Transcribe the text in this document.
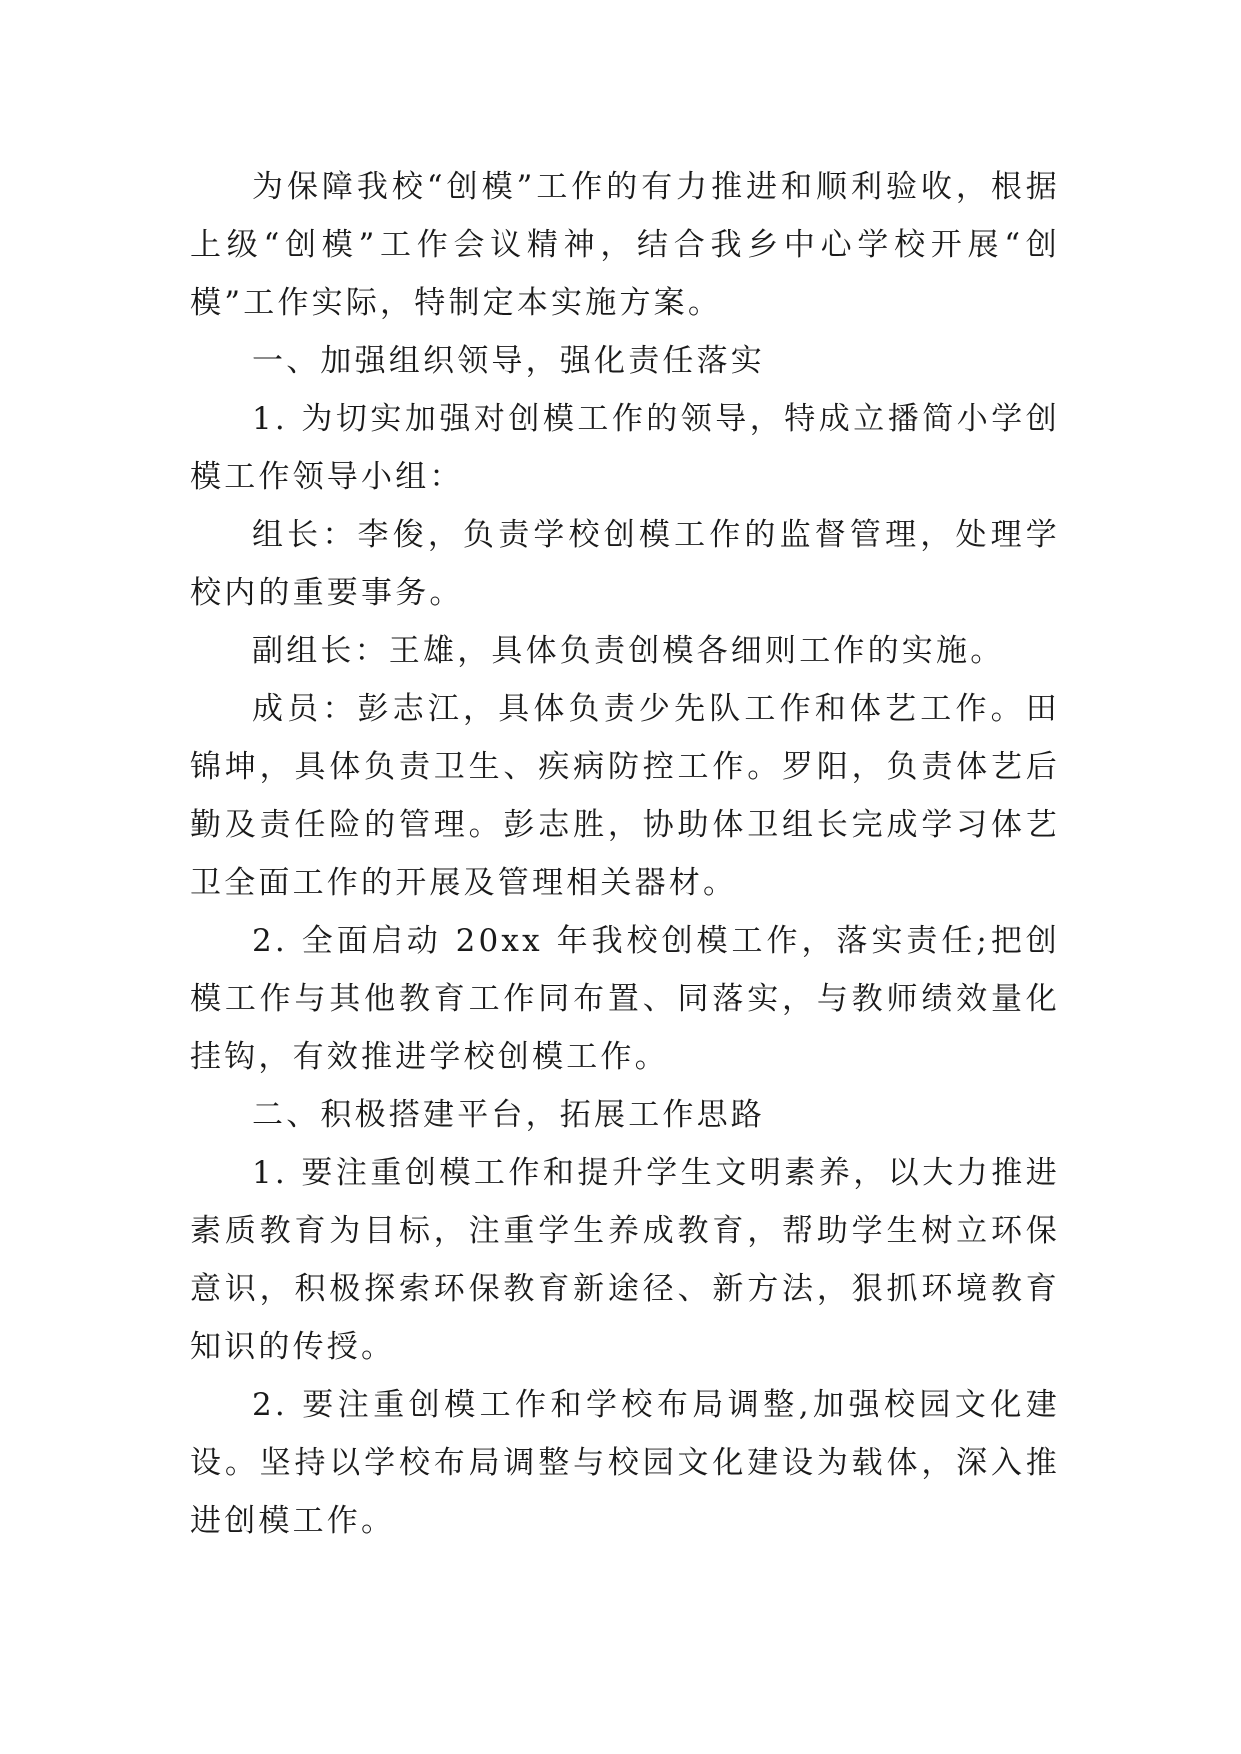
为保障我校“创模”工作的有力推进和顺利验收，根据上级“创模”工作会议精神，结合我乡中心学校开展“创模”工作实际，特制定本实施方案。

一、加强组织领导，强化责任落实

1. 为切实加强对创模工作的领导，特成立播简小学创模工作领导小组：

组长：李俊，负责学校创模工作的监督管理，处理学校内的重要事务。

副组长：王雄，具体负责创模各细则工作的实施。

成员：彭志江，具体负责少先队工作和体艺工作。田锦坤，具体负责卫生、疾病防控工作。罗阳，负责体艺后勤及责任险的管理。彭志胜，协助体卫组长完成学习体艺卫全面工作的开展及管理相关器材。

2. 全面启动 20xx 年我校创模工作，落实责任;把创模工作与其他教育工作同布置、同落实，与教师绩效量化挂钩，有效推进学校创模工作。

二、积极搭建平台，拓展工作思路

1. 要注重创模工作和提升学生文明素养，以大力推进素质教育为目标，注重学生养成教育，帮助学生树立环保意识，积极探索环保教育新途径、新方法，狠抓环境教育知识的传授。

2. 要注重创模工作和学校布局调整,加强校园文化建设。坚持以学校布局调整与校园文化建设为载体，深入推进创模工作。
